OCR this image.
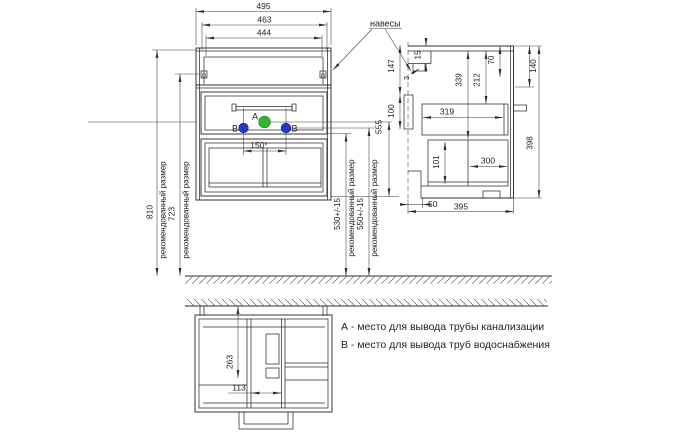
А
В	В
150*
495
463
444
навесы
810 рекомендованный размер 723 рекомендованный размер	530+/-15 рекомендованный размер 550+/-15 рекомендованный размер
555
3
147
100
15
70
339 212
319
300
101
140
398
50 395
263
113
А - место для вывода трубы канализации
В - место для вывода труб водоснабжения
